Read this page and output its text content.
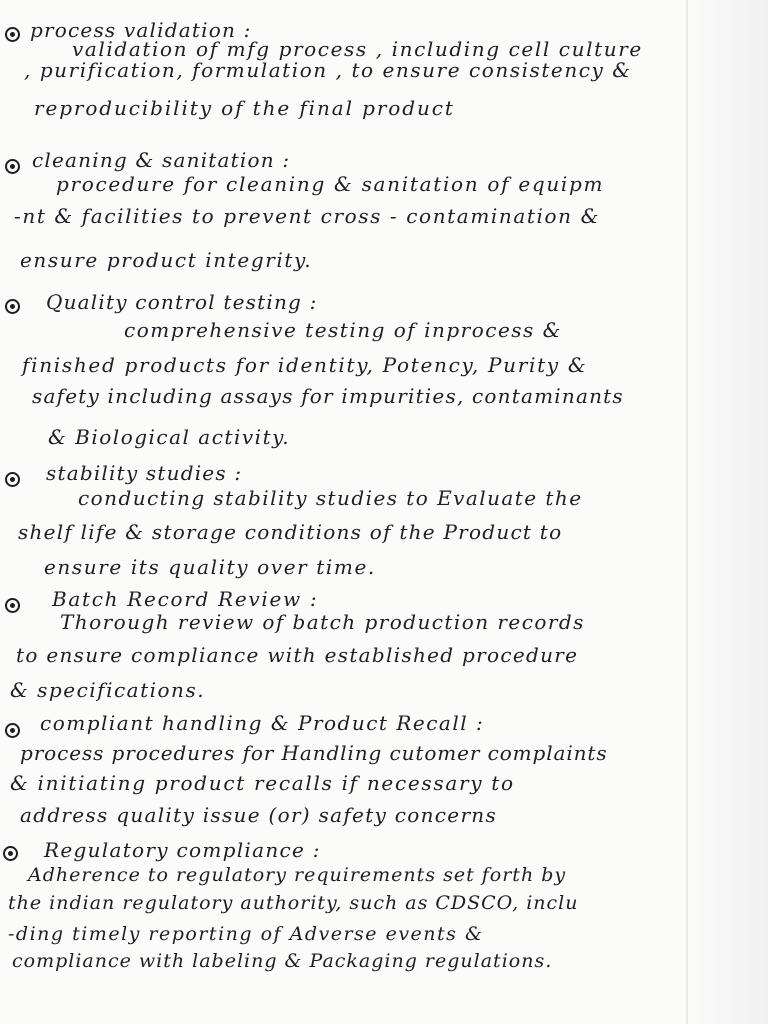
process validation :
validation of mfg process , including cell culture
, purification, formulation , to ensure consistency &
reproducibility of the final product
cleaning & sanitation :
procedure for cleaning & sanitation of equipm
-nt & facilities to prevent cross - contamination &
ensure product integrity.
Quality control testing :
comprehensive testing of inprocess &
finished products for identity, Potency, Purity &
safety including assays for impurities, contaminants
& Biological activity.
stability studies :
conducting stability studies to Evaluate the
shelf life & storage conditions of the Product to
ensure its quality over time.
Batch Record Review :
Thorough review of batch production records
to ensure compliance with established procedure
& specifications.
compliant handling & Product Recall :
process procedures for Handling cutomer complaints
& initiating product recalls if necessary to
address quality issue (or) safety concerns
Regulatory compliance :
Adherence to regulatory requirements set forth by
the indian regulatory authority, such as CDSCO, inclu
-ding timely reporting of Adverse events &
compliance with labeling & Packaging regulations.
